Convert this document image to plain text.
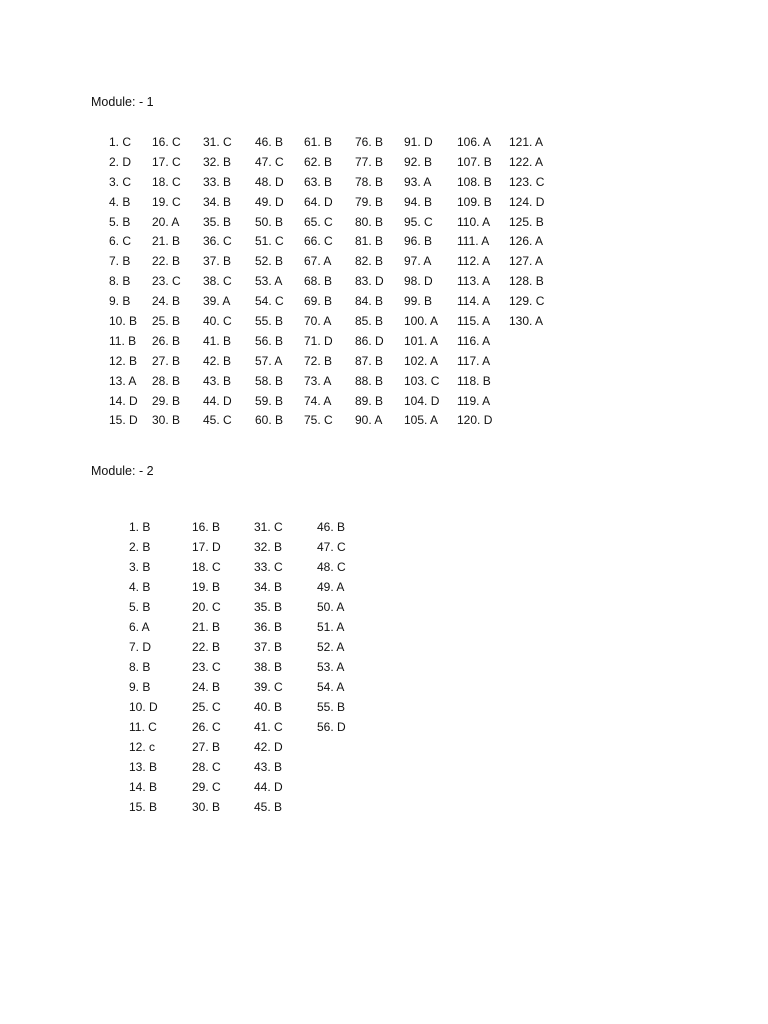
Module: - 1
1. C
2. D
3. C
4. B
5. B
6. C
7. B
8. B
9. B
10. B
11. B
12. B
13. A
14. D
15. D
16. C
17. C
18. C
19. C
20. A
21. B
22. B
23. C
24. B
25. B
26. B
27. B
28. B
29. B
30. B
31. C
32. B
33. B
34. B
35. B
36. C
37. B
38. C
39. A
40. C
41. B
42. B
43. B
44. D
45. C
46. B
47. C
48. D
49. D
50. B
51. C
52. B
53. A
54. C
55. B
56. B
57. A
58. B
59. B
60. B
61. B
62. B
63. B
64. D
65. C
66. C
67. A
68. B
69. B
70. A
71. D
72. B
73. A
74. A
75. C
76. B
77. B
78. B
79. B
80. B
81. B
82. B
83. D
84. B
85. B
86. D
87. B
88. B
89. B
90. A
91. D
92. B
93. A
94. B
95. C
96. B
97. A
98. D
99. B
100. A
101. A
102. A
103. C
104. D
105. A
106. A
107. B
108. B
109. B
110. A
111. A
112. A
113. A
114. A
115. A
116. A
117. A
118. B
119. A
120. D
121. A
122. A
123. C
124. D
125. B
126. A
127. A
128. B
129. C
130. A
Module: - 2
1. B
2. B
3. B
4. B
5. B
6. A
7. D
8. B
9. B
10. D
11. C
12. c
13. B
14. B
15. B
16. B
17. D
18. C
19. B
20. C
21. B
22. B
23. C
24. B
25. C
26. C
27. B
28. C
29. C
30. B
31. C
32. B
33. C
34. B
35. B
36. B
37. B
38. B
39. C
40. B
41. C
42. D
43. B
44. D
45. B
46. B
47. C
48. C
49. A
50. A
51. A
52. A
53. A
54. A
55. B
56. D
